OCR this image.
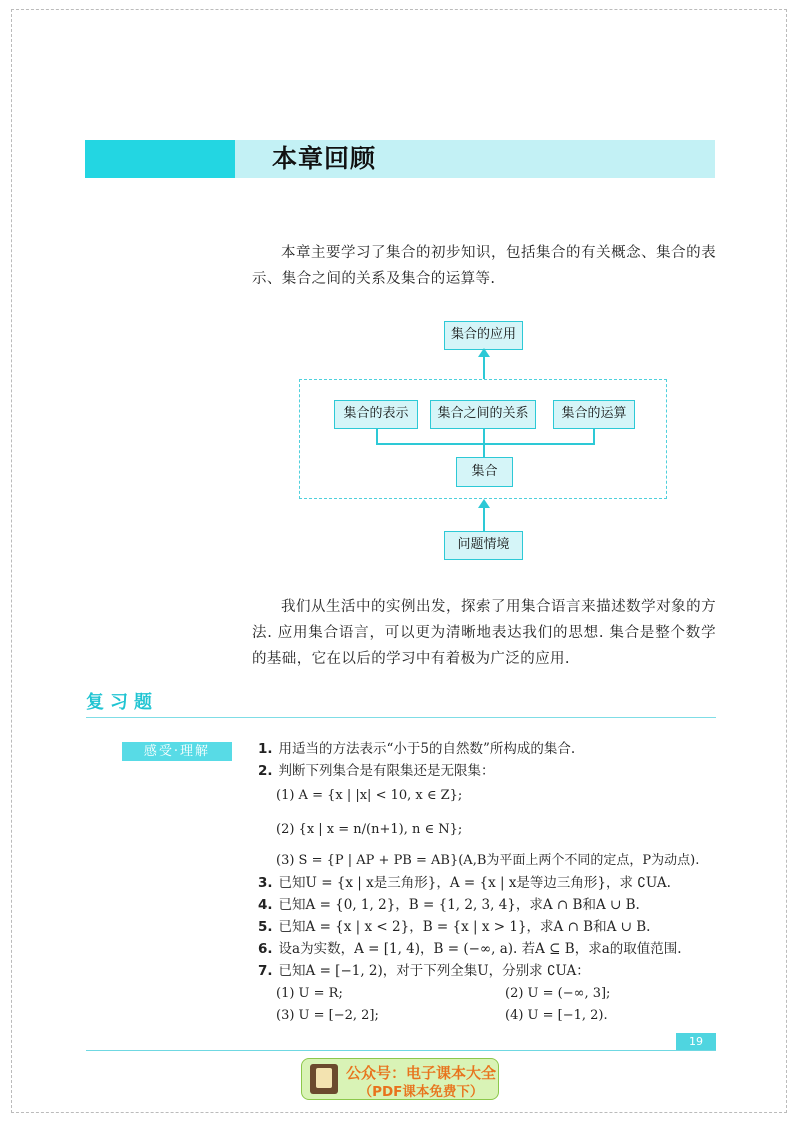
本章回顾
本章主要学习了集合的初步知识，包括集合的有关概念、集合的表示、集合之间的关系及集合的运算等.
集合的应用
集合的表示	集合之间的关系	集合的运算
集合
问题情境
我们从生活中的实例出发，探索了用集合语言来描述数学对象的方法. 应用集合语言，可以更为清晰地表达我们的思想. 集合是整个数学的基础，它在以后的学习中有着极为广泛的应用.
复习题
感受·理解	1. 用适当的方法表示“小于5的自然数”所构成的集合.
2. 判断下列集合是有限集还是无限集：
(1) A = {x | |x| < 10, x ∈ Z};
(2) {x | x = n/(n+1), n ∈ N};
(3) S = {P | AP + PB = AB}(A,B为平面上两个不同的定点，P为动点).
3. 已知U = {x | x是三角形}，A = {x | x是等边三角形}，求 ∁UA.
4. 已知A = {0, 1, 2}，B = {1, 2, 3, 4}，求A ∩ B和A ∪ B.
5. 已知A = {x | x < 2}，B = {x | x > 1}，求A ∩ B和A ∪ B.
6. 设a为实数，A = [1, 4)，B = (−∞, a). 若A ⊆ B，求a的取值范围.
7. 已知A = [−1, 2)，对于下列全集U，分别求 ∁UA：
(1) U = R;	(2) U = (−∞, 3];
(3) U = [−2, 2];	(4) U = [−1, 2).
19
公众号：电子课本大全
（PDF课本免费下）
